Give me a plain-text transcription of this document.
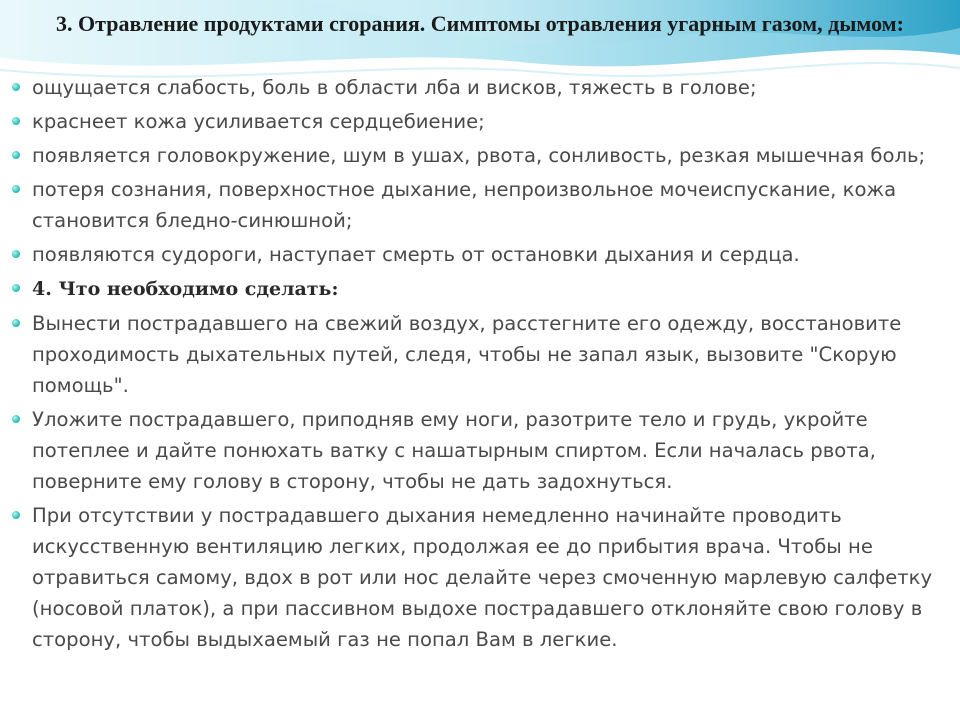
3. Отравление продуктами сгорания. Симптомы отравления угарным газом, дымом:
ощущается слабость, боль в области лба и висков, тяжесть в голове;
краснеет кожа усиливается сердцебиение;
появляется головокружение, шум в ушах, рвота, сонливость, резкая мышечная боль;
потеря сознания, поверхностное дыхание, непроизвольное мочеиспускание, кожа становится бледно-синюшной;
появляются судороги, наступает смерть от остановки дыхания и сердца.
4. Что необходимо сделать:
Вынести пострадавшего на свежий воздух, расстегните его одежду, восстановите проходимость дыхательных путей, следя, чтобы не запал язык, вызовите "Скорую помощь".
Уложите пострадавшего, приподняв ему ноги, разотрите тело и грудь, укройте потеплее и дайте понюхать ватку с нашатырным спиртом. Если началась рвота, поверните ему голову в сторону, чтобы не дать задохнуться.
При отсутствии у пострадавшего дыхания немедленно начинайте проводить искусственную вентиляцию легких, продолжая ее до прибытия врача. Чтобы не отравиться самому, вдох в рот или нос делайте через смоченную марлевую салфетку (носовой платок), а при пассивном выдохе пострадавшего отклоняйте свою голову в сторону, чтобы выдыхаемый газ не попал Вам в легкие.
